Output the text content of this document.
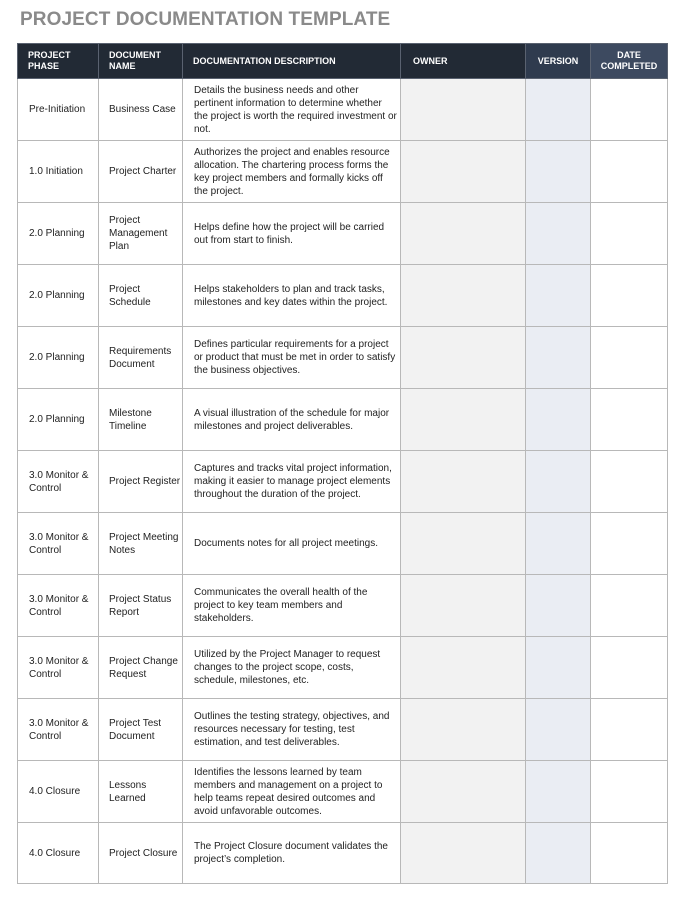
PROJECT DOCUMENTATION TEMPLATE
PROJECT PHASE	DOCUMENT NAME	DOCUMENTATION DESCRIPTION	OWNER	VERSION	DATE COMPLETED
Pre-Initiation	Business Case	Details the business needs and other pertinent information to determine whether the project is worth the required investment or not.			
1.0 Initiation	Project Charter	Authorizes the project and enables resource allocation. The chartering process forms the key project members and formally kicks off the project.			
2.0 Planning	Project Management Plan	Helps define how the project will be carried out from start to finish.			
2.0 Planning	Project Schedule	Helps stakeholders to plan and track tasks, milestones and key dates within the project.			
2.0 Planning	Requirements Document	Defines particular requirements for a project or product that must be met in order to satisfy the business objectives.			
2.0 Planning	Milestone Timeline	A visual illustration of the schedule for major milestones and project deliverables.			
3.0 Monitor & Control	Project Register	Captures and tracks vital project information, making it easier to manage project elements throughout the duration of the project.			
3.0 Monitor & Control	Project Meeting Notes	Documents notes for all project meetings.			
3.0 Monitor & Control	Project Status Report	Communicates the overall health of the project to key team members and stakeholders.			
3.0 Monitor & Control	Project Change Request	Utilized by the Project Manager to request changes to the project scope, costs, schedule, milestones, etc.			
3.0 Monitor & Control	Project Test Document	Outlines the testing strategy, objectives, and resources necessary for testing, test estimation, and test deliverables.			
4.0 Closure	Lessons Learned	Identifies the lessons learned by team members and management on a project to help teams repeat desired outcomes and avoid unfavorable outcomes.			
4.0 Closure	Project Closure	The Project Closure document validates the project’s completion.			
